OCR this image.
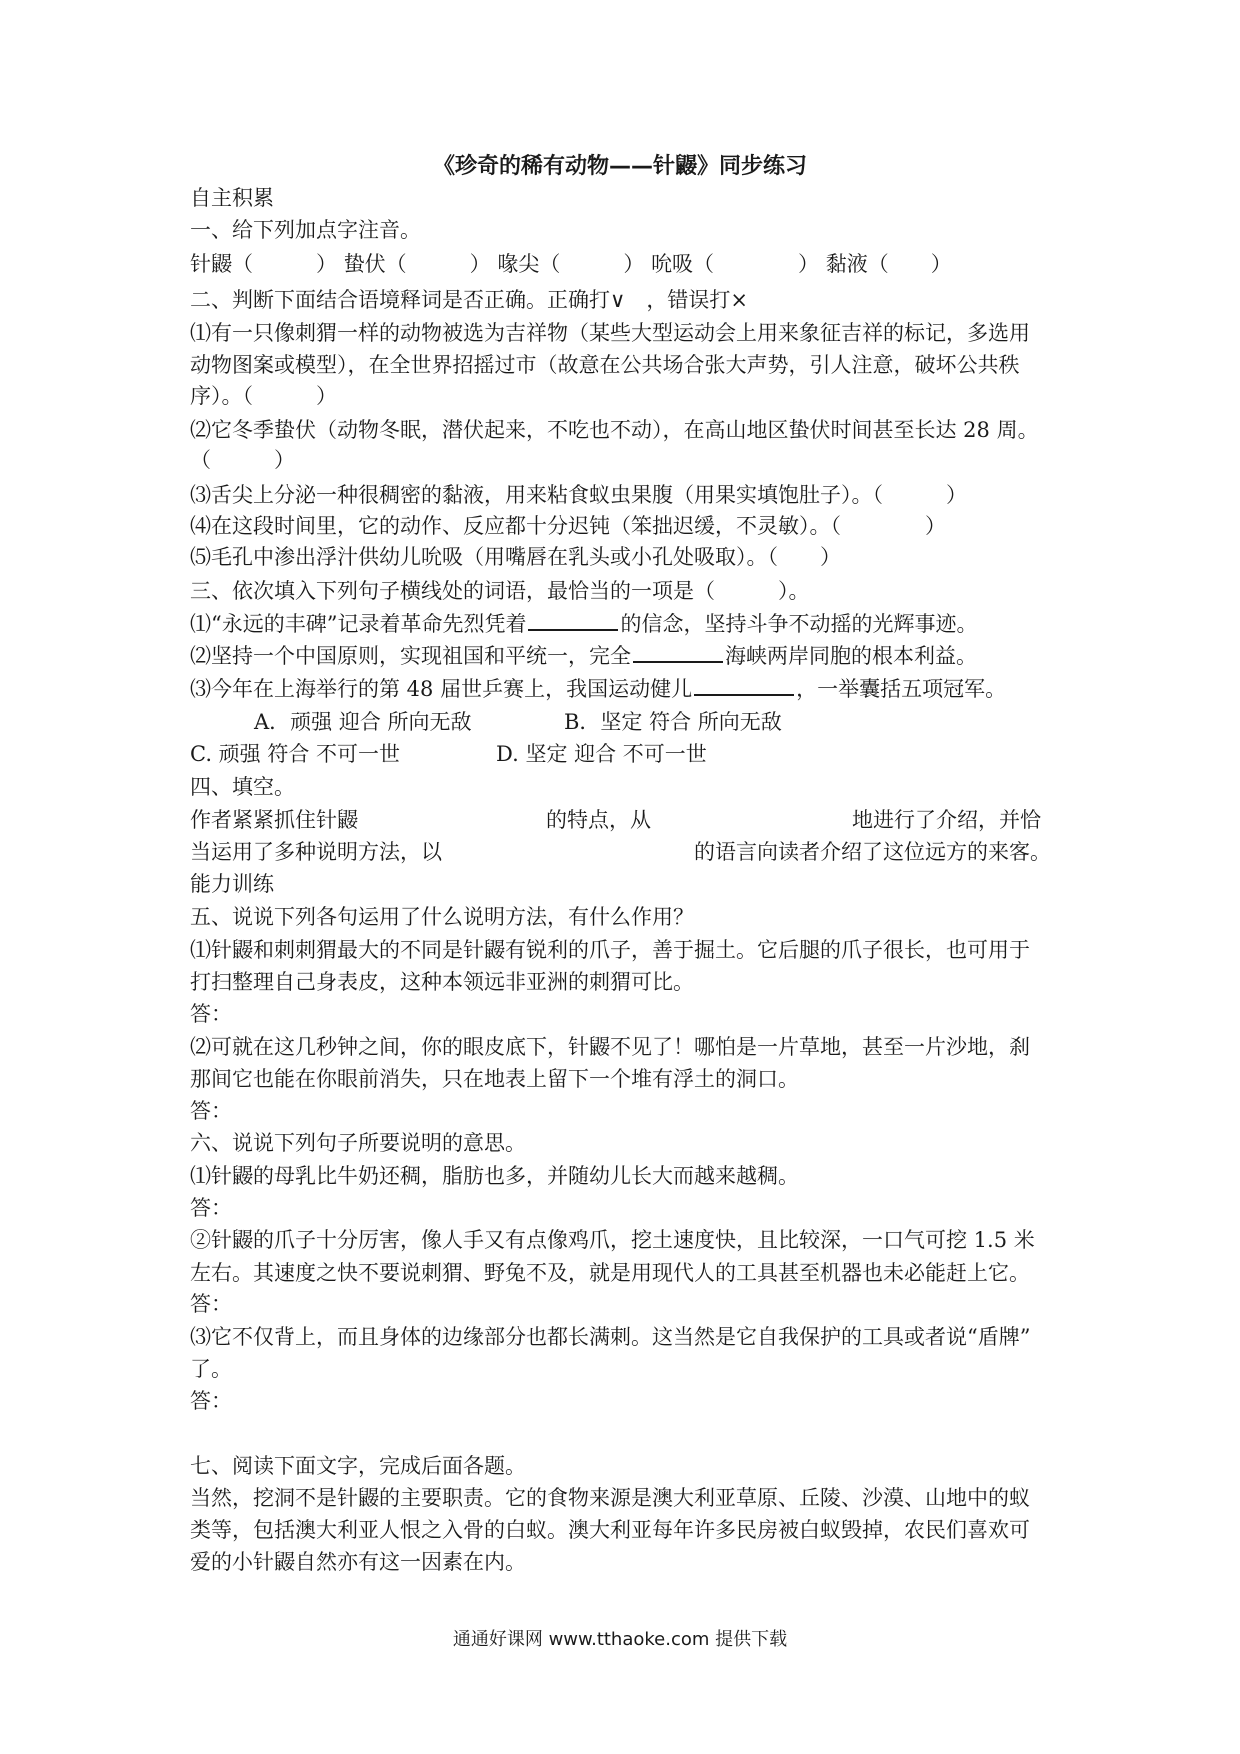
《珍奇的稀有动物——针鼹》同步练习
自主积累
一、给下列加点字注音。
针鼹（　　　） 蛰伏（　　　） 喙尖（　　　） 吮吸（　　　　） 黏液（　　）
二、判断下面结合语境释词是否正确。正确打∨　，错误打×
⑴有一只像刺猬一样的动物被选为吉祥物（某些大型运动会上用来象征吉祥的标记，多选用
动物图案或模型），在全世界招摇过市（故意在公共场合张大声势，引人注意，破坏公共秩
序）。（　　　）
⑵它冬季蛰伏（动物冬眠，潜伏起来，不吃也不动），在高山地区蛰伏时间甚至长达 28 周。
（　　　）
⑶舌尖上分泌一种很稠密的黏液，用来粘食蚁虫果腹（用果实填饱肚子）。（　　　）
⑷在这段时间里，它的动作、反应都十分迟钝（笨拙迟缓，不灵敏）。（　　　　）
⑸毛孔中渗出浮汁供幼儿吮吸（用嘴唇在乳头或小孔处吸取）。（　　）
三、依次填入下列句子横线处的词语，最恰当的一项是（　　　）。
⑴“永远的丰碑”记录着革命先烈凭着	的信念，坚持斗争不动摇的光辉事迹。
⑵坚持一个中国原则，实现祖国和平统一，完全	海峡两岸同胞的根本利益。
⑶今年在上海举行的第 48 届世乒赛上，我国运动健儿	，一举囊括五项冠军。
A．顽强 迎合 所向无敌	B．坚定 符合 所向无敌
C. 顽强 符合 不可一世	D. 坚定 迎合 不可一世
四、填空。
作者紧紧抓住针鼹	的特点，从	地进行了介绍，并恰
当运用了多种说明方法，以	的语言向读者介绍了这位远方的来客。
能力训练
五、说说下列各句运用了什么说明方法，有什么作用？
⑴针鼹和刺刺猬最大的不同是针鼹有锐利的爪子，善于掘土。它后腿的爪子很长，也可用于
打扫整理自己身表皮，这种本领远非亚洲的刺猬可比。
答：
⑵可就在这几秒钟之间，你的眼皮底下，针鼹不见了！哪怕是一片草地，甚至一片沙地，刹
那间它也能在你眼前消失，只在地表上留下一个堆有浮土的洞口。
答：
六、说说下列句子所要说明的意思。
⑴针鼹的母乳比牛奶还稠，脂肪也多，并随幼儿长大而越来越稠。
答：
②针鼹的爪子十分厉害，像人手又有点像鸡爪，挖土速度快，且比较深，一口气可挖 1.5 米
左右。其速度之快不要说刺猬、野兔不及，就是用现代人的工具甚至机器也未必能赶上它。
答：
⑶它不仅背上，而且身体的边缘部分也都长满刺。这当然是它自我保护的工具或者说“盾牌”
了。
答：
七、阅读下面文字，完成后面各题。
当然，挖洞不是针鼹的主要职责。它的食物来源是澳大利亚草原、丘陵、沙漠、山地中的蚁
类等，包括澳大利亚人恨之入骨的白蚁。澳大利亚每年许多民房被白蚁毁掉，农民们喜欢可
爱的小针鼹自然亦有这一因素在内。
通通好课网 www.tthaoke.com 提供下载
